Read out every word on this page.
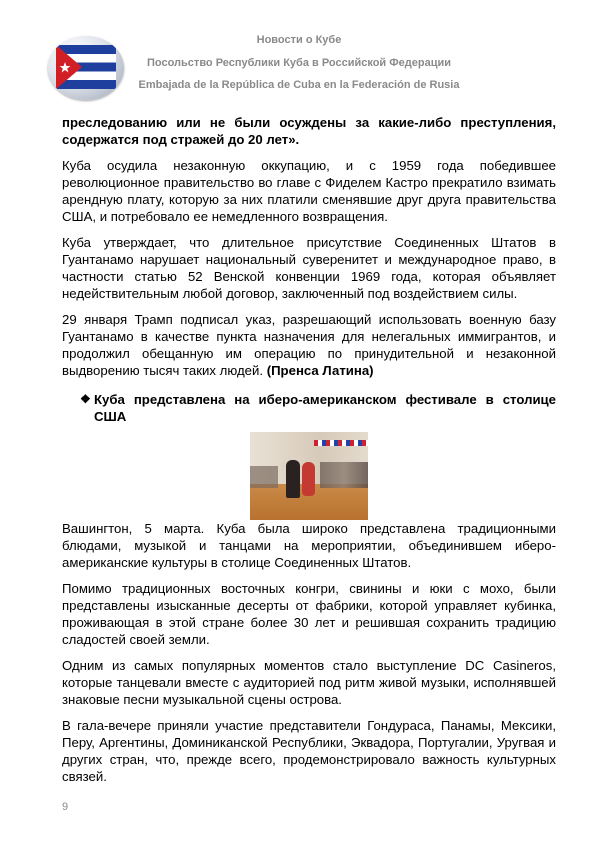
Новости о Кубе
Посольство Республики Куба в Российской Федерации
Embajada de la República de Cuba en la Federación de Rusia

преследованию или не были осуждены за какие-либо преступления, содержатся под стражей до 20 лет».

Куба осудила незаконную оккупацию, и с 1959 года победившее революционное правительство во главе с Фиделем Кастро прекратило взимать арендную плату, которую за них платили сменявшие друг друга правительства США, и потребовало ее немедленного возвращения.

Куба утверждает, что длительное присутствие Соединенных Штатов в Гуантанамо нарушает национальный суверенитет и международное право, в частности статью 52 Венской конвенции 1969 года, которая объявляет недействительным любой договор, заключенный под воздействием силы.

29 января Трамп подписал указ, разрешающий использовать военную базу Гуантанамо в качестве пункта назначения для нелегальных иммигрантов, и продолжил обещанную им операцию по принудительной и незаконной выдворению тысяч таких людей. (Пренса Латина)

❖ Куба представлена на иберо-американском фестивале в столице США

Вашингтон, 5 марта. Куба была широко представлена традиционными блюдами, музыкой и танцами на мероприятии, объединившем иберо-американские культуры в столице Соединенных Штатов.

Помимо традиционных восточных конгри, свинины и юки с мохо, были представлены изысканные десерты от фабрики, которой управляет кубинка, проживающая в этой стране более 30 лет и решившая сохранить традицию сладостей своей земли.

Одним из самых популярных моментов стало выступление DC Casineros, которые танцевали вместе с аудиторией под ритм живой музыки, исполнявшей знаковые песни музыкальной сцены острова.

В гала-вечере приняли участие представители Гондураса, Панамы, Мексики, Перу, Аргентины, Доминиканской Республики, Эквадора, Португалии, Уругвая и других стран, что, прежде всего, продемонстрировало важность культурных связей.

9
